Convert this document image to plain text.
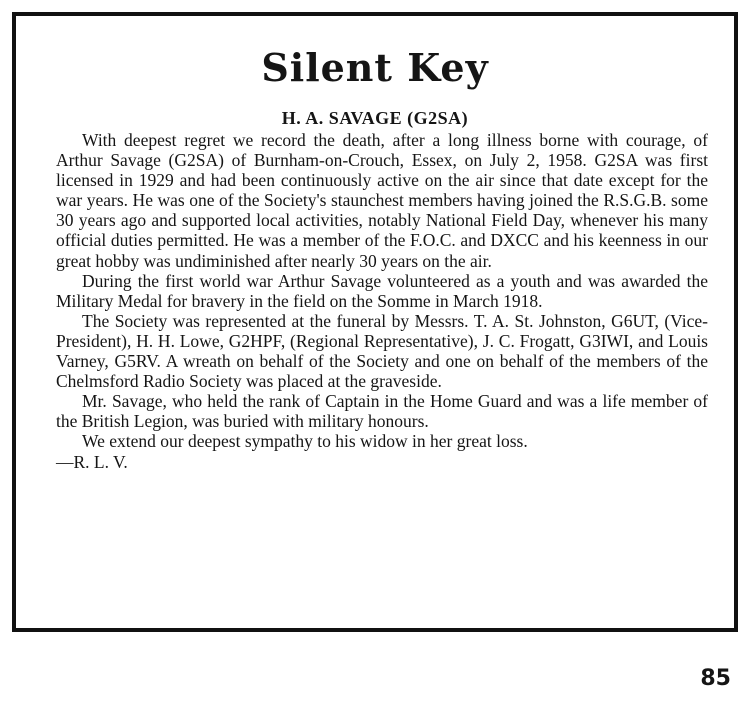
Silent Key
H. A. SAVAGE (G2SA)

With deepest regret we record the death, after a long illness borne with courage, of Arthur Savage (G2SA) of Burnham-on-Crouch, Essex, on July 2, 1958. G2SA was first licensed in 1929 and had been continuously active on the air since that date except for the war years. He was one of the Society's staunchest members having joined the R.S.G.B. some 30 years ago and supported local activities, notably National Field Day, whenever his many official duties permitted. He was a member of the F.O.C. and DXCC and his keenness in our great hobby was undiminished after nearly 30 years on the air.

During the first world war Arthur Savage volunteered as a youth and was awarded the Military Medal for bravery in the field on the Somme in March 1918.

The Society was represented at the funeral by Messrs. T. A. St. Johnston, G6UT, (Vice-President), H. H. Lowe, G2HPF, (Regional Representative), J. C. Frogatt, G3IWI, and Louis Varney, G5RV. A wreath on behalf of the Society and one on behalf of the members of the Chelmsford Radio Society was placed at the graveside.

Mr. Savage, who held the rank of Captain in the Home Guard and was a life member of the British Legion, was buried with military honours.

We extend our deepest sympathy to his widow in her great loss.

—R. L. V.

85
